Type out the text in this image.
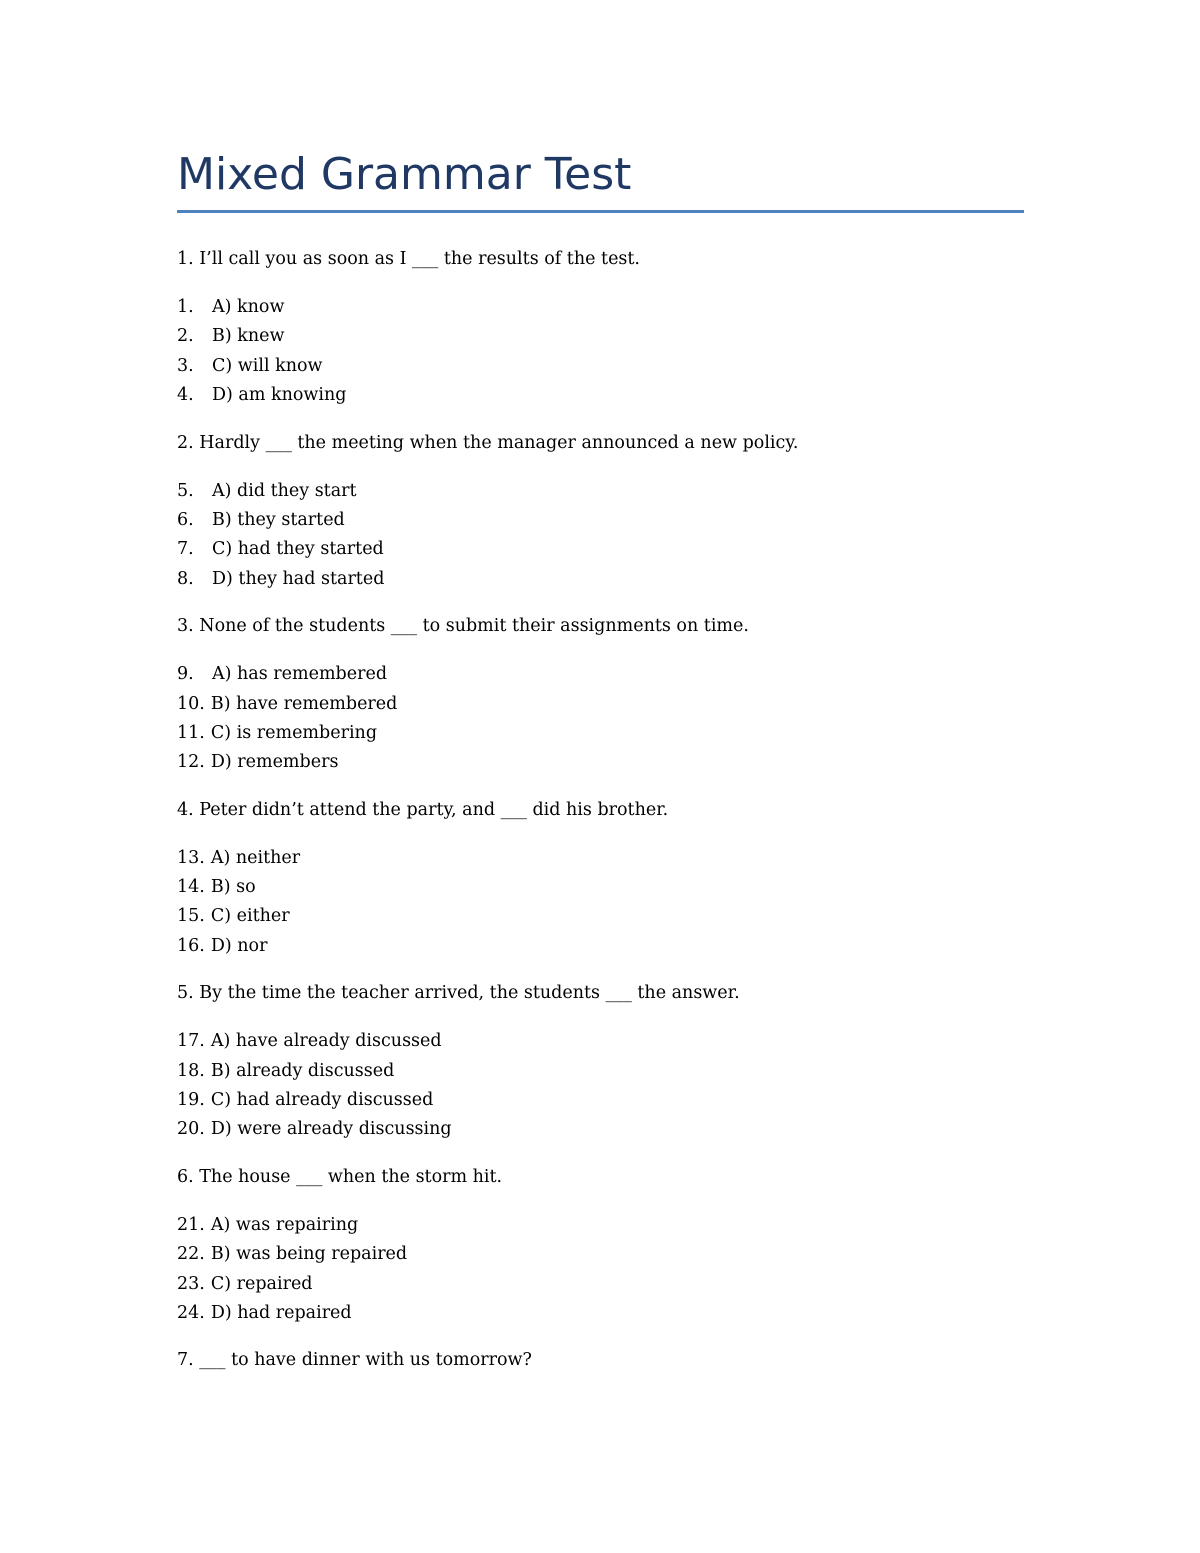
Mixed Grammar Test

1. I’ll call you as soon as I ___ the results of the test.

1.	A) know
2.	B) knew
3.	C) will know
4.	D) am knowing

2. Hardly ___ the meeting when the manager announced a new policy.

5.	A) did they start
6.	B) they started
7.	C) had they started
8.	D) they had started

3. None of the students ___ to submit their assignments on time.

9.	A) has remembered
10. B) have remembered
11. C) is remembering
12. D) remembers

4. Peter didn’t attend the party, and ___ did his brother.

13. A) neither
14. B) so
15. C) either
16. D) nor

5. By the time the teacher arrived, the students ___ the answer.

17. A) have already discussed
18. B) already discussed
19. C) had already discussed
20. D) were already discussing

6. The house ___ when the storm hit.

21. A) was repairing
22. B) was being repaired
23. C) repaired
24. D) had repaired

7. ___ to have dinner with us tomorrow?
